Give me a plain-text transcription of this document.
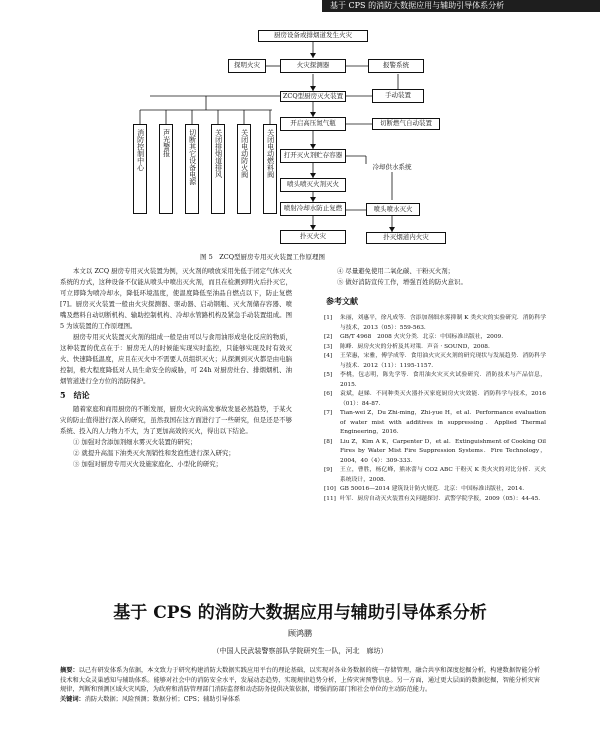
基于 CPS 的消防大数据应用与辅助引导体系分析
厨房设备或排烟道发生火灾
探明火灾	火灾探测器	报警系统
ZCQ型厨房灭火装置	手动装置
开启高压氮气瓶	切断燃气自动装置
打开灭火剂贮存容器
冷却供水系统
喷头喷灭火剂灭火
喷射冷却水防止复燃	喷头喷水灭火
扑灭火灾	扑灭烟道内火灾
消防控制中心	声光警报	切断其它设备电源	关闭排烟道排风	关闭电动防火阀	关闭电动燃料阀
图 5　ZCQ型厨房专用灭火装置工作原理图

本文以 ZCQ 厨房专用灭火装置为例，灭火剂的喷放采用先低于闭定气体灭火系统的方式，这种设备不仅能从喷头中喷出灭火剂，而且在检测到明火后扑灭它，可立即降为喷冷却水，降低环境温度，使温度降低至油品自燃点以下，防止复燃[7]。厨房灭火装置一般由火灾探测器、驱动器、启动钢瓶、灭火剂储存容器、喷嘴及燃料自动切断机构、输助控制机构、冷却水管路机构及紧急手动装置组成。图 5 为该装置的工作原理图。

厨房专用灭火装置灭火剂的组成一般是由可以与食用油形成皂化反应的物质，这种装置的优点在于：厨房无人的时候能实现实时监控，只能够实现及时有效灭火、快速降低温度，应且在灭火中不需要人员组织灭火；从探测到灭火都是由电脑控制，极大程度降低对人员生命安全的威胁，可 24h 对厨房灶台、排烟烟机、油烟管道进行全方位的消防保护。

5　结论

随着家庭和商用厨房的不断发展，厨房火灾的高发事故发显必然趋势，于某火灾的防止值得进行深入的研究，虽然我国在这方面进行了一些研究，但是还是不够系统、投入的人力物力不大，为了更加高效的灭火，得出以下结论。

① 加强对含添加剂细水雾灭火装置的研究；

② 就提升高温下油类灭火剂销性和发泡性进行深入研究；

③ 加强对厨房专用灭火设施家庭化、小型化的研究；

④ 尽量避免使用二氧化碳、干粉灭火剂；

⑤ 做好消防宣传工作，增强百姓的防火意识。

参考文献
[1]	朱丽，刘惠平，徐凡成等．含添加剂细水雾抑制 K 类火灾的实验研究．消防科学与技术，2013（05）：559-563.
[2]	GB/T 4968　2008 火灾分类．北京：中国标准出版社，2009.
[3]	陈峰．厨房火灾的分析及其对策．声音 · SOUND，2008.
[4]	王荣惠，宋雅，傅学成等．食用油火灾灭火剂的研究现状与发展趋势．消防科学与技术．2012（11）：1195-1157.
[5]	李桃，包志明，陈先学等．食用油火灾灭火试验研究．消防技术与产品信息，2015.
[6]	袁斌，赵娣．不同种类灭火器扑灭家庭厨房火灾效能．消防科学与技术，2016（01）：84-87.
[7]	Tian-wei Z，Du Zhi-ming，Zhi-yue H，et al．Performance evaluation of water mist with additives in suppressing．Applied Thermal Engineering，2016.
[8]	Liu Z，Kim A K，Carpenter D，et al．Extinguishment of Cooking Oil Fires by Water Mist Fire Suppression Systems．Fire Technology，2004，40（4）：309-333.
[9]	王立，曹胜，杨亿峰，熊冰蕾与 CO2 ABC 干粉灭 K 类火灾的对比分析．灭火系统设计，2008.
[10] GB 50016—2014 建筑设计防火规范．北京：中国标准出版社，2014.
[11] 叶军．厨房自动灭火装置有关问题探讨．武警学院学报，2009（05）：44-45.
基于 CPS 的消防大数据应用与辅助引导体系分析
顾鸿鹏
（中国人民武装警察部队学院研究生一队，河北　廊坊）
摘要：以己有研发体系为依据，本文致力于研究构建消防大数据实践应用平台的理论基础，以实现对各业务数据的统一存储管理，融合共享和深度挖掘分析，构建数据智能分析技术和大众灵巢感知与辅助体系。能够对社会中的消防安全水平，发展动态趋势，实现规律趋势分析，上传灾害预警信息。另一方面，通过更大层面的数据挖掘，智能分析灾害规律，判断和预测区域火灾风险，为政府和消防管理部门消防监督和动态防务提供决策依据，增强消防部门和社会单位的主动防范能力。
关键词：消防大数据；风险预测；数据分析；CPS；辅助引导体系
